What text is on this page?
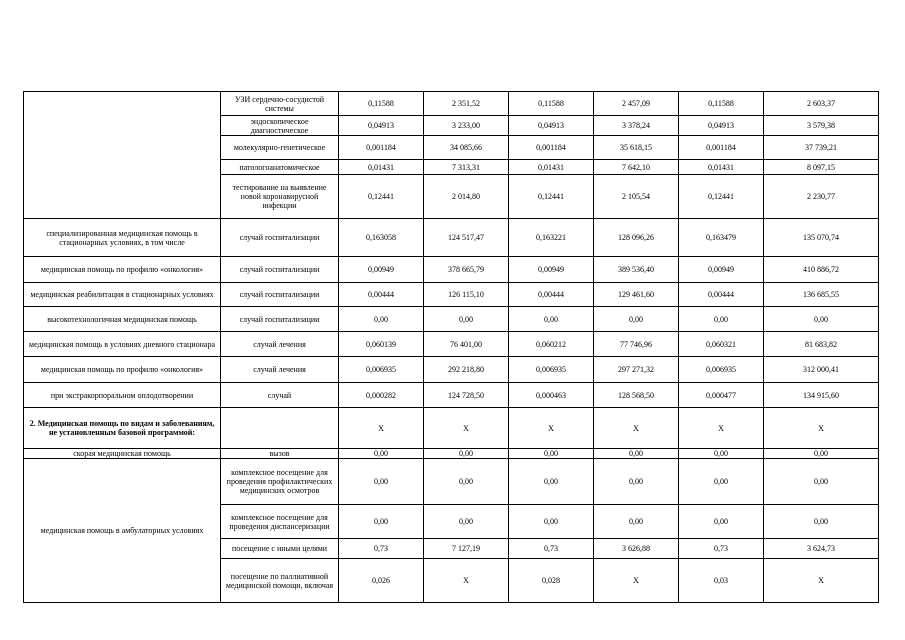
	УЗИ сердечно-сосудистой системы	0,11588	2 351,52	0,11588	2 457,09	0,11588	2 603,37
	эндоскопическое диагностическое	0,04913	3 233,00	0,04913	3 378,24	0,04913	3 579,38
	молекулярно-генетическое	0,001184	34 085,66	0,001184	35 618,15	0,001184	37 739,21
	патологоанатомическое	0,01431	7 313,31	0,01431	7 642,10	0,01431	8 097,15
	тестирование на выявление новой коронавирусной инфекции	0,12441	2 014,80	0,12441	2 105,54	0,12441	2 230,77
специализированная медицинская помощь в стационарных условиях, в том числе	случай госпитализации	0,163058	124 517,47	0,163221	128 096,26	0,163479	135 070,74
медицинская помощь по профилю «онкология»	случай госпитализации	0,00949	378 665,79	0,00949	389 536,40	0,00949	410 886,72
медицинская реабилитация в стационарных условиях	случай госпитализации	0,00444	126 115,10	0,00444	129 461,60	0,00444	136 685,55
высокотехнологичная медицинская помощь	случай госпитализации	0,00	0,00	0,00	0,00	0,00	0,00
медицинская помощь в условиях дневного стационара	случай лечения	0,060139	76 401,00	0,060212	77 746,96	0,060321	81 683,82
медицинская помощь по профилю «онкология»	случай лечения	0,006935	292 218,80	0,006935	297 271,32	0,006935	312 000,41
при экстракорпоральном оплодотворении	случай	0,000282	124 728,50	0,000463	128 568,50	0,000477	134 915,60
2. Медицинская помощь по видам и заболеваниям, не установленным базовой программой:		X	X	X	X	X	X
скорая медицинская помощь	вызов	0,00	0,00	0,00	0,00	0,00	0,00
медицинская помощь в амбулаторных условиях	комплексное посещение для проведения профилактических медицинских осмотров	0,00	0,00	0,00	0,00	0,00	0,00
	комплексное посещение для проведения диспансеризации	0,00	0,00	0,00	0,00	0,00	0,00
	посещение с иными целями	0,73	7 127,19	0,73	3 626,88	0,73	3 624,73
	посещение по паллиативной медицинской помощи, включая	0,026	X	0,028	X	0,03	X
